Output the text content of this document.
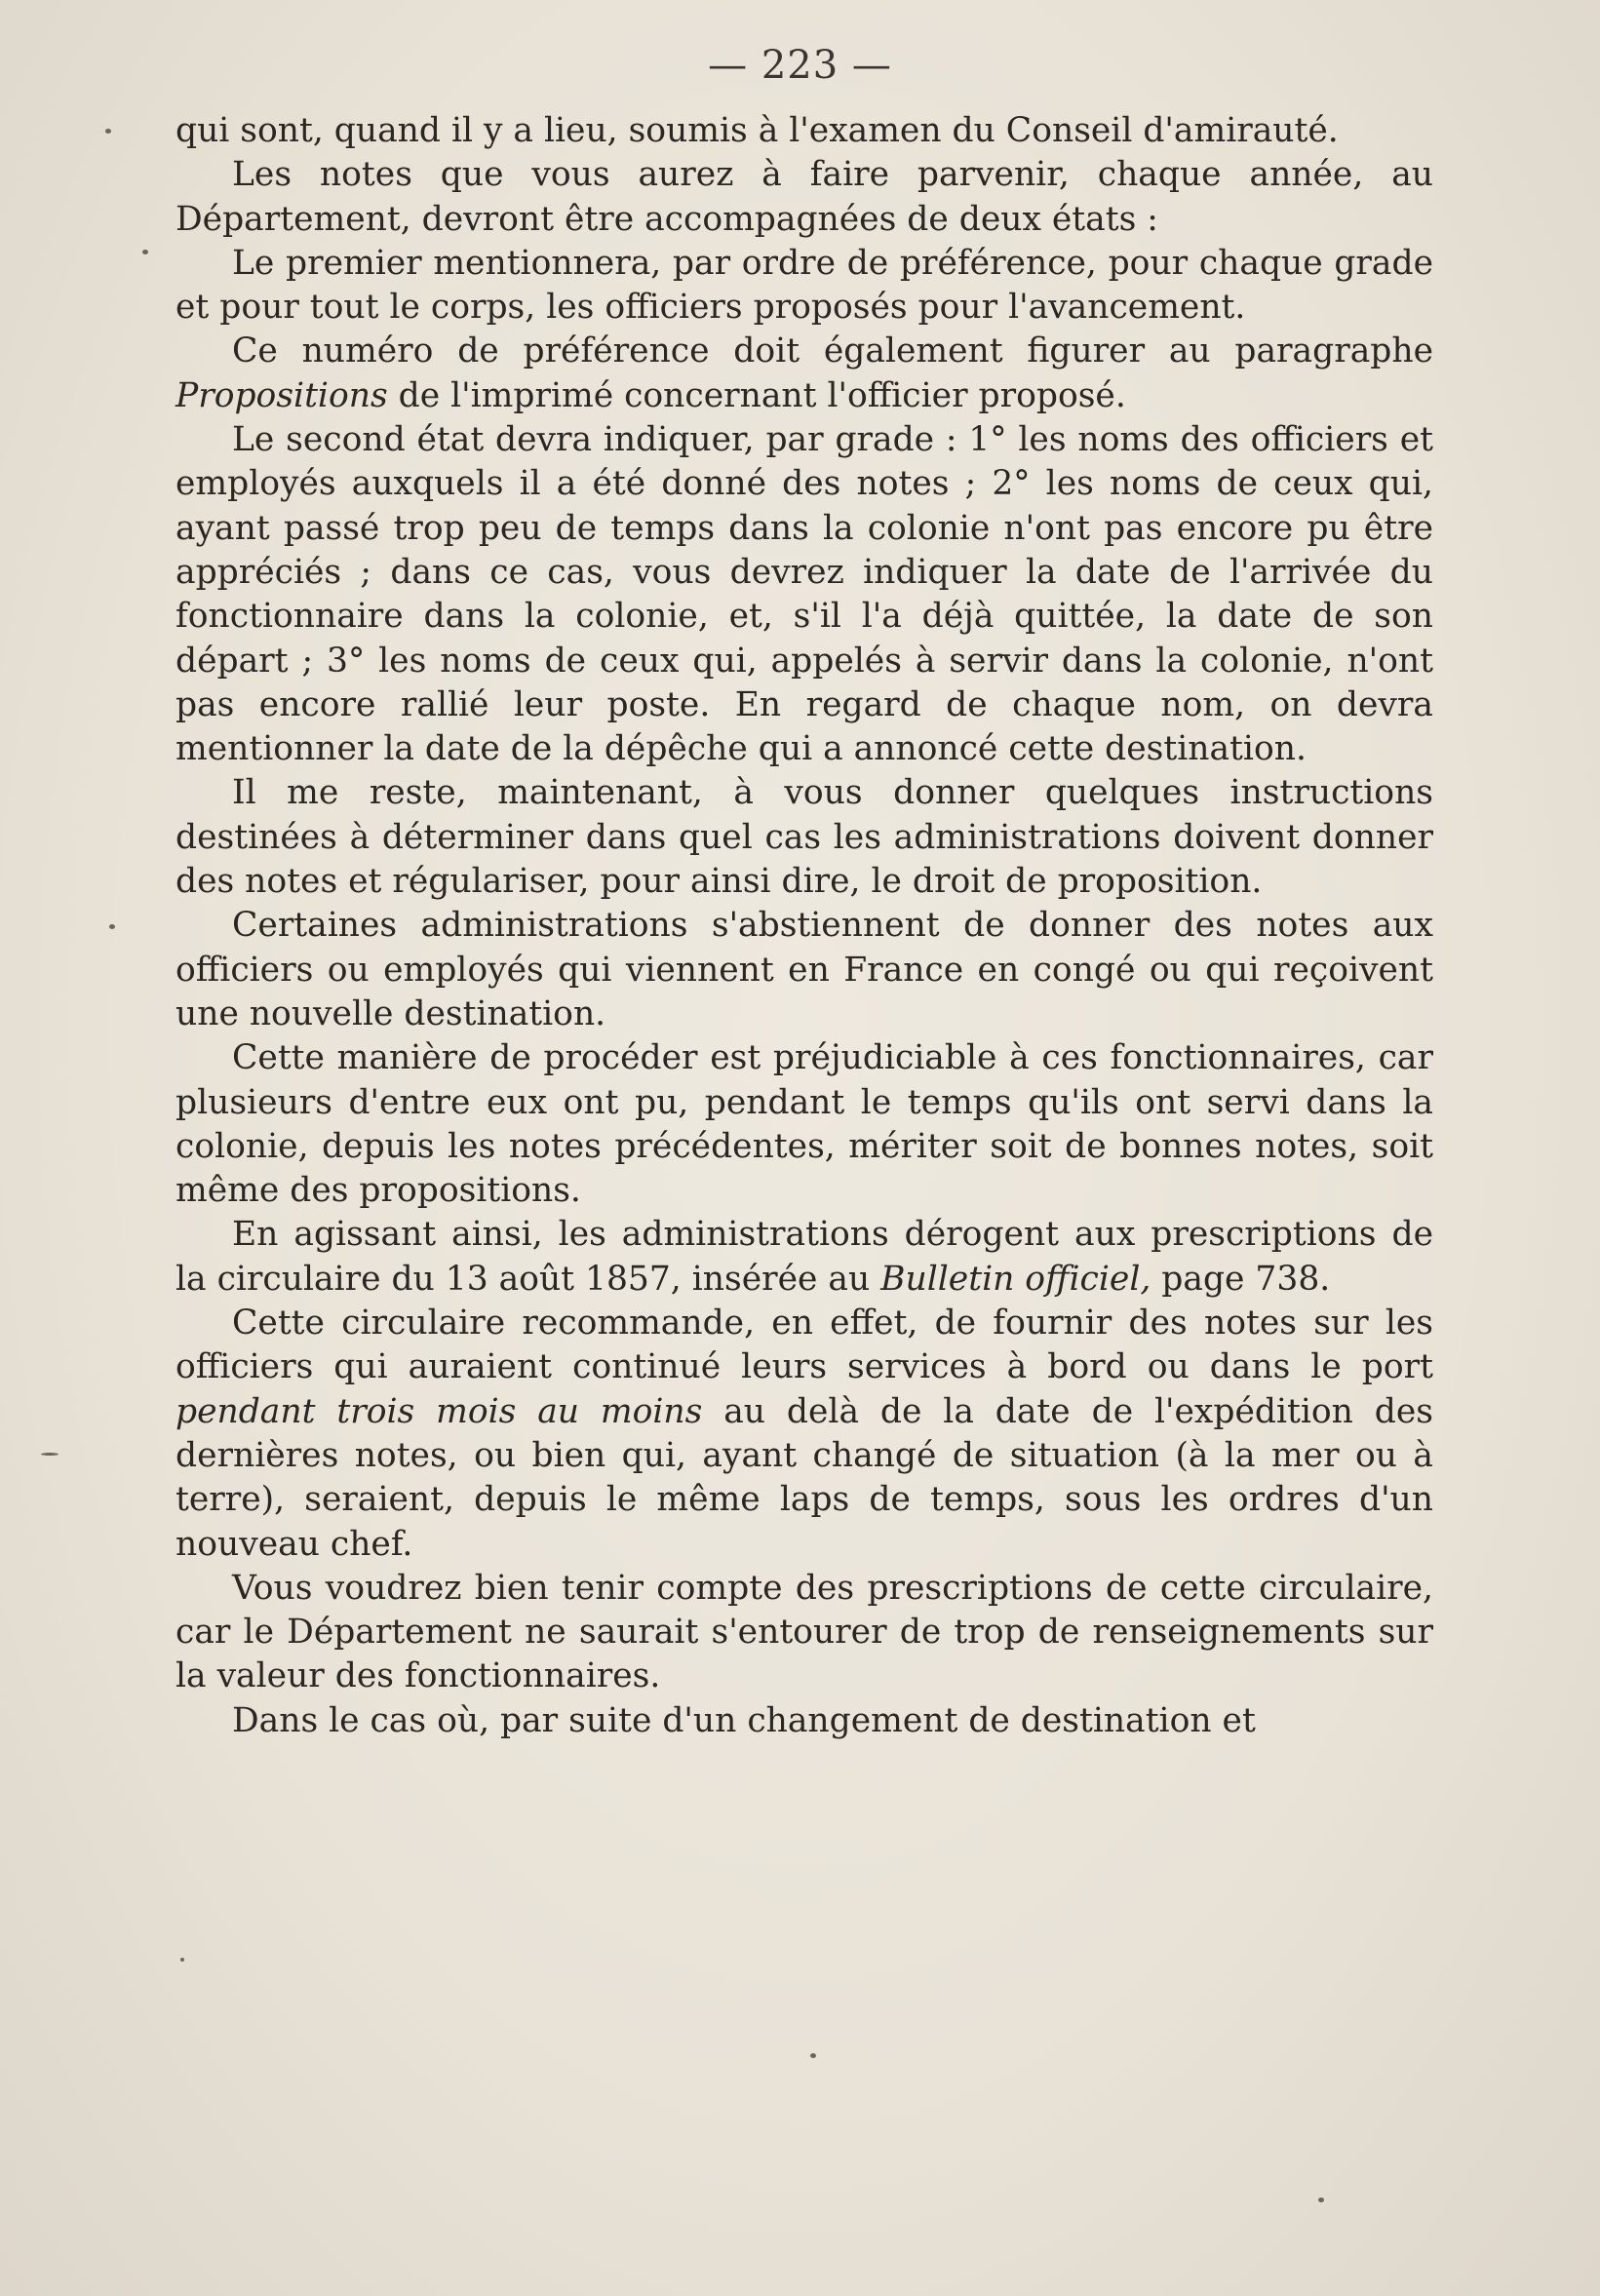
— 223 —

qui sont, quand il y a lieu, soumis à l'examen du Conseil d'amirauté.

Les notes que vous aurez à faire parvenir, chaque année, au Département, devront être accompagnées de deux états :

Le premier mentionnera, par ordre de préférence, pour chaque grade et pour tout le corps, les officiers proposés pour l'avancement.

Ce numéro de préférence doit également figurer au paragraphe Propositions de l'imprimé concernant l'officier proposé.

Le second état devra indiquer, par grade : 1° les noms des officiers et employés auxquels il a été donné des notes ; 2° les noms de ceux qui, ayant passé trop peu de temps dans la colonie n'ont pas encore pu être appréciés ; dans ce cas, vous devrez indiquer la date de l'arrivée du fonctionnaire dans la colonie, et, s'il l'a déjà quittée, la date de son départ ; 3° les noms de ceux qui, appelés à servir dans la colonie, n'ont pas encore rallié leur poste. En regard de chaque nom, on devra mentionner la date de la dépêche qui a annoncé cette destination.

Il me reste, maintenant, à vous donner quelques instructions destinées à déterminer dans quel cas les administrations doivent donner des notes et régulariser, pour ainsi dire, le droit de proposition.

Certaines administrations s'abstiennent de donner des notes aux officiers ou employés qui viennent en France en congé ou qui reçoivent une nouvelle destination.

Cette manière de procéder est préjudiciable à ces fonctionnaires, car plusieurs d'entre eux ont pu, pendant le temps qu'ils ont servi dans la colonie, depuis les notes précédentes, mériter soit de bonnes notes, soit même des propositions.

En agissant ainsi, les administrations dérogent aux prescriptions de la circulaire du 13 août 1857, insérée au Bulletin officiel, page 738.

Cette circulaire recommande, en effet, de fournir des notes sur les officiers qui auraient continué leurs services à bord ou dans le port pendant trois mois au moins au delà de la date de l'expédition des dernières notes, ou bien qui, ayant changé de situation (à la mer ou à terre), seraient, depuis le même laps de temps, sous les ordres d'un nouveau chef.

Vous voudrez bien tenir compte des prescriptions de cette circulaire, car le Département ne saurait s'entourer de trop de renseignements sur la valeur des fonctionnaires.

Dans le cas où, par suite d'un changement de destination et
